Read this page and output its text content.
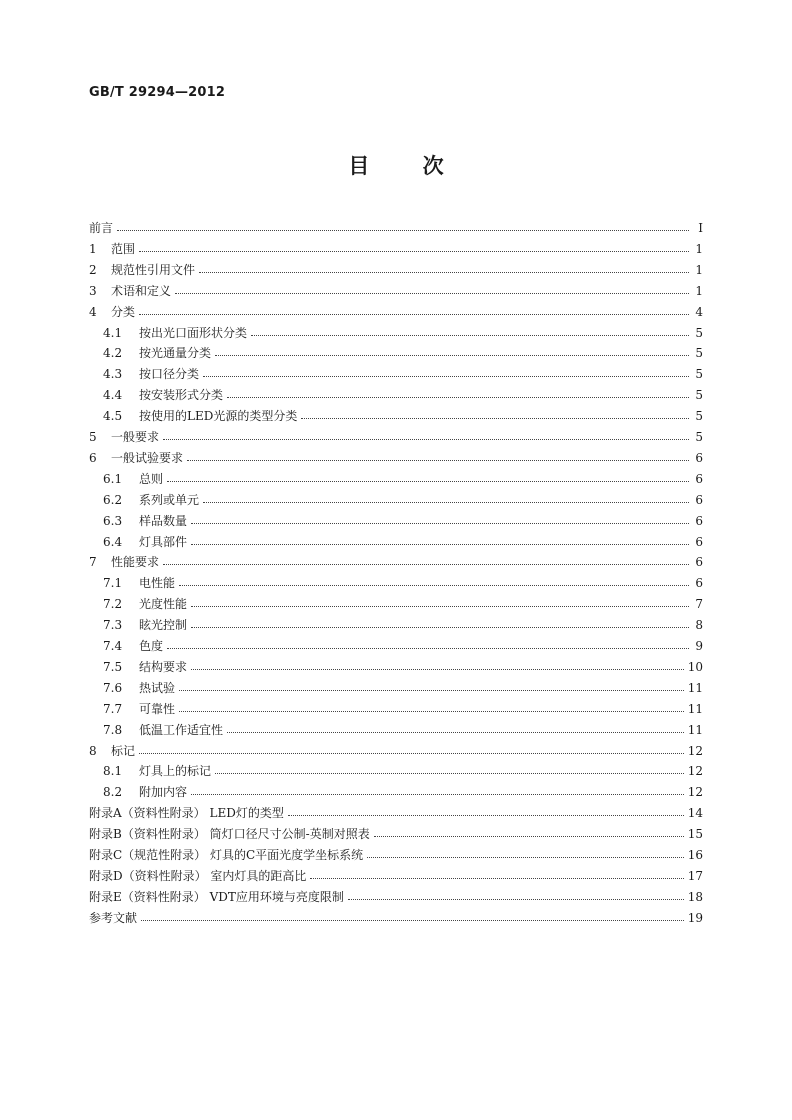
GB/T 29294—2012
目	次
前言	I
1	范围	1
2	规范性引用文件	1
3	术语和定义	1
4	分类	4
4.1	按出光口面形状分类	5
4.2	按光通量分类	5
4.3	按口径分类	5
4.4	按安装形式分类	5
4.5	按使用的LED光源的类型分类	5
5	一般要求	5
6	一般试验要求	6
6.1	总则	6
6.2	系列或单元	6
6.3	样品数量	6
6.4	灯具部件	6
7	性能要求	6
7.1	电性能	6
7.2	光度性能	7
7.3	眩光控制	8
7.4	色度	9
7.5	结构要求	10
7.6	热试验	11
7.7	可靠性	11
7.8	低温工作适宜性	11
8	标记	12
8.1	灯具上的标记	12
8.2	附加内容	12
附录A（资料性附录） LED灯的类型	14
附录B（资料性附录） 筒灯口径尺寸公制-英制对照表	15
附录C（规范性附录） 灯具的C平面光度学坐标系统	16
附录D（资料性附录） 室内灯具的距高比	17
附录E（资料性附录） VDT应用环境与亮度限制	18
参考文献	19
